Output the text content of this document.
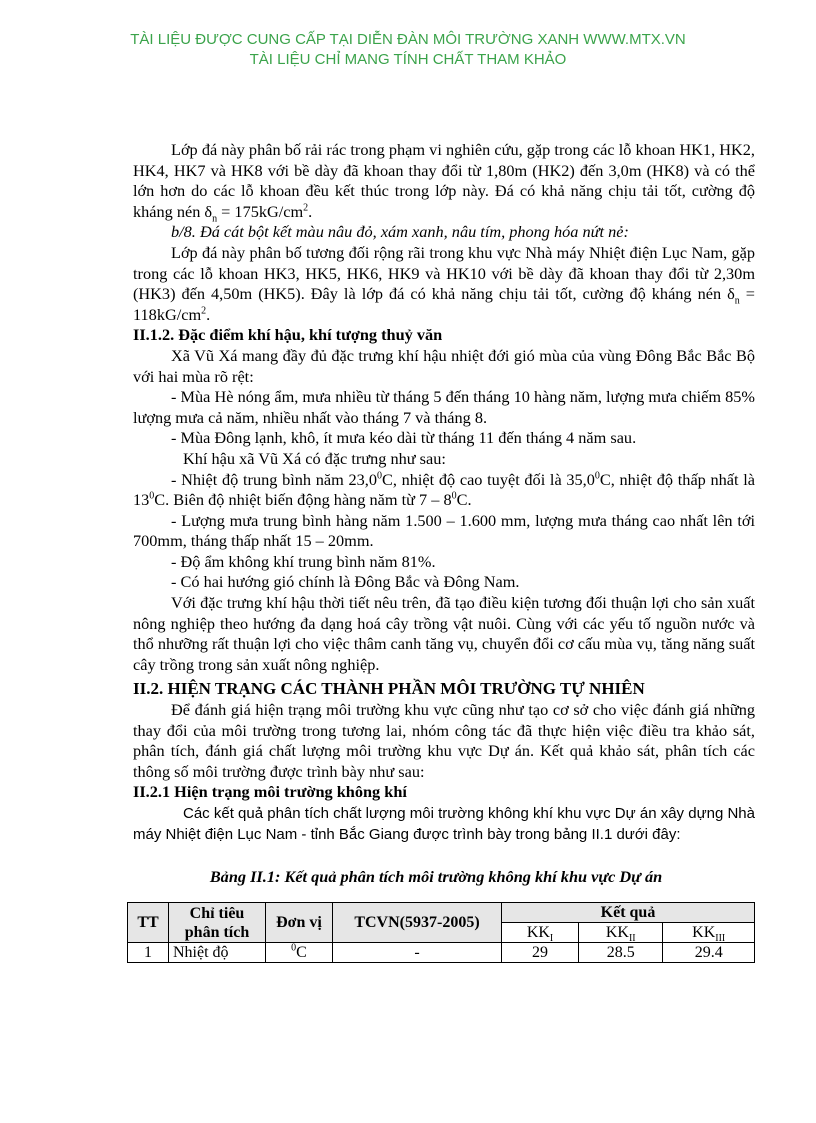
TÀI LIỆU ĐƯỢC CUNG CẤP TẠI DIỄN ĐÀN MÔI TRƯỜNG XANH WWW.MTX.VN
TÀI LIỆU CHỈ MANG TÍNH CHẤT THAM KHẢO

Lớp đá này phân bố rải rác trong phạm vi nghiên cứu, gặp trong các lỗ khoan HK1, HK2, HK4, HK7 và HK8 với bề dày đã khoan thay đổi từ 1,80m (HK2) đến 3,0m (HK8) và có thể lớn hơn do các lỗ khoan đều kết thúc trong lớp này. Đá có khả năng chịu tải tốt, cường độ kháng nén $\delta_n = 175kG/cm^2$.

b/8. Đá cát bột kết màu nâu đỏ, xám xanh, nâu tím, phong hóa nứt nẻ:

Lớp đá này phân bố tương đối rộng rãi trong khu vực Nhà máy Nhiệt điện Lục Nam, gặp trong các lỗ khoan HK3, HK5, HK6, HK9 và HK10 với bề dày đã khoan thay đổi từ 2,30m (HK3) đến 4,50m (HK5). Đây là lớp đá có khả năng chịu tải tốt, cường độ kháng nén $\delta_n = 118kG/cm^2$.

II.1.2. Đặc điểm khí hậu, khí tượng thuỷ văn

Xã Vũ Xá mang đầy đủ đặc trưng khí hậu nhiệt đới gió mùa của vùng Đông Bắc Bắc Bộ với hai mùa rõ rệt:

- Mùa Hè nóng ẩm, mưa nhiều từ tháng 5 đến tháng 10 hàng năm, lượng mưa chiếm 85% lượng mưa cả năm, nhiều nhất vào tháng 7 và tháng 8.

- Mùa Đông lạnh, khô, ít mưa kéo dài từ tháng 11 đến tháng 4 năm sau.

Khí hậu xã Vũ Xá có đặc trưng như sau:

- Nhiệt độ trung bình năm 23,0$^0$C, nhiệt độ cao tuyệt đối là 35,0$^0$C, nhiệt độ thấp nhất là $13^0C$. Biên độ nhiệt biến động hàng năm từ $7 - 8^0C$.

- Lượng mưa trung bình hàng năm 1.500 – 1.600 mm, lượng mưa tháng cao nhất lên tới 700mm, tháng thấp nhất 15 – 20mm.

- Độ ẩm không khí trung bình năm 81%.

- Có hai hướng gió chính là Đông Bắc và Đông Nam.

Với đặc trưng khí hậu thời tiết nêu trên, đã tạo điều kiện tương đối thuận lợi cho sản xuất nông nghiệp theo hướng đa dạng hoá cây trồng vật nuôi. Cùng với các yếu tố nguồn nước và thổ nhưỡng rất thuận lợi cho việc thâm canh tăng vụ, chuyển đổi cơ cấu mùa vụ, tăng năng suất cây trồng trong sản xuất nông nghiệp.

II.2. HIỆN TRẠNG CÁC THÀNH PHẦN MÔI TRƯỜNG TỰ NHIÊN

Để đánh giá hiện trạng môi trường khu vực cũng như tạo cơ sở cho việc đánh giá những thay đổi của môi trường trong tương lai, nhóm công tác đã thực hiện việc điều tra khảo sát, phân tích, đánh giá chất lượng môi trường khu vực Dự án. Kết quả khảo sát, phân tích các thông số môi trường được trình bày như sau:

II.2.1 Hiện trạng môi trường không khí

Các kết quả phân tích chất lượng môi trường không khí khu vực Dự án xây dựng Nhà máy Nhiệt điện Lục Nam - tỉnh Bắc Giang được trình bày trong bảng II.1 dưới đây:

Bảng II.1: Kết quả phân tích môi trường không khí khu vực Dự án

TT	Chỉ tiêu phân tích	Đơn vị	TCVN(5937-2005)	Kết quả		
				$KK_I$	$KK_{II}$	$KK_{III}$
1	Nhiệt độ	$^0$C	-	29	28.5	29.4
